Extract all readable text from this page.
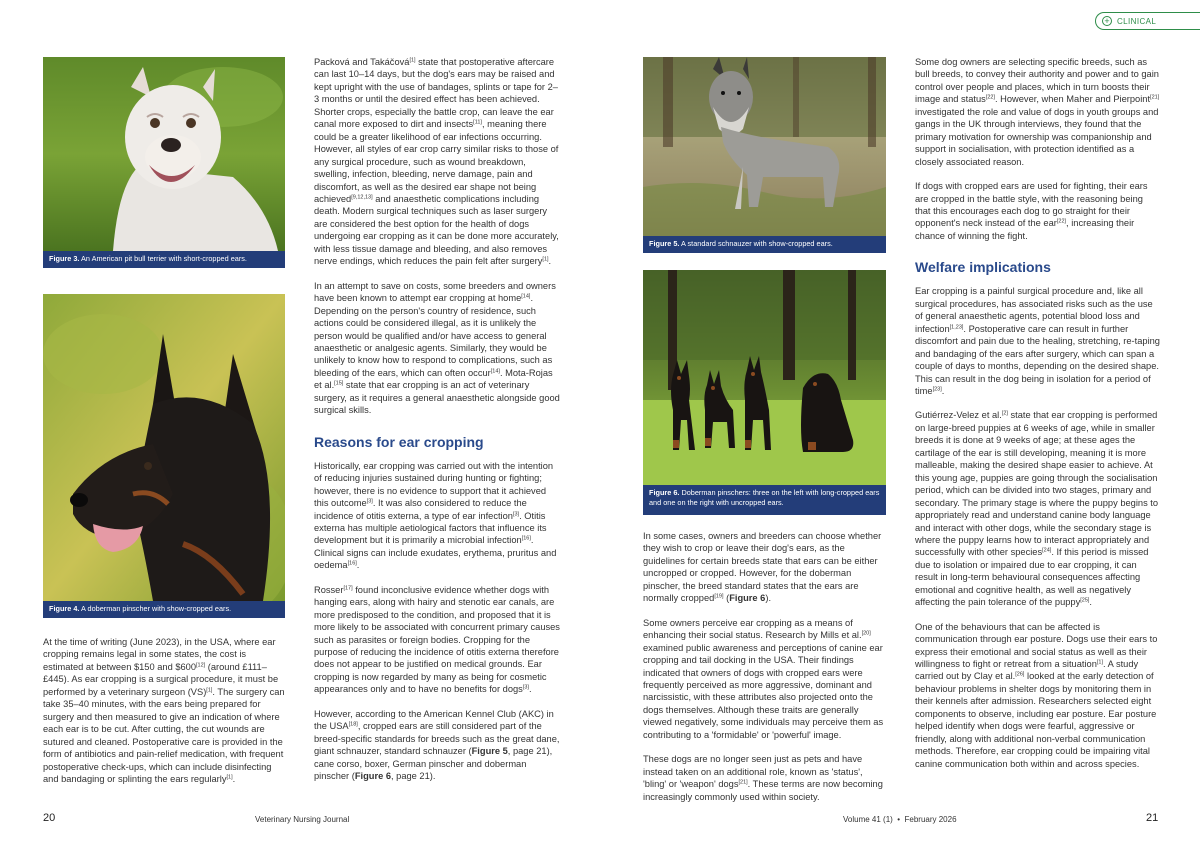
Figure 3. An American pit bull terrier with short-cropped ears.
Figure 4. A doberman pinscher with show-cropped ears.

At the time of writing (June 2023), in the USA, where ear cropping remains legal in some states, the cost is estimated at between $150 and $600[12] (around £111–£445). As ear cropping is a surgical procedure, it must be performed by a veterinary surgeon (VS)[1]. The surgery can take 35–40 minutes, with the ears being prepared for surgery and then measured to give an indication of where each ear is to be cut. After cutting, the cut wounds are sutured and cleaned. Postoperative care is provided in the form of antibiotics and pain-relief medication, with frequent postoperative check-ups, which can include disinfecting and bandaging or splinting the ears regularly[1].

Packová and Takáčová[1] state that postoperative aftercare can last 10–14 days, but the dog's ears may be raised and kept upright with the use of bandages, splints or tape for 2–3 months or until the desired effect has been achieved. Shorter crops, especially the battle crop, can leave the ear canal more exposed to dirt and insects[11], meaning there could be a greater likelihood of ear infections occurring. However, all styles of ear crop carry similar risks to those of any surgical procedure, such as wound breakdown, swelling, infection, bleeding, nerve damage, pain and discomfort, as well as the desired ear shape not being achieved[9,12,13] and anaesthetic complications including death. Modern surgical techniques such as laser surgery are considered the best option for the health of dogs undergoing ear cropping as it can be done more accurately, with less tissue damage and bleeding, and also removes nerve endings, which reduces the pain felt after surgery[1].

In an attempt to save on costs, some breeders and owners have been known to attempt ear cropping at home[14]. Depending on the person's country of residence, such actions could be considered illegal, as it is unlikely the person would be qualified and/or have access to general anaesthetic or analgesic agents. Similarly, they would be unlikely to know how to respond to complications, such as bleeding of the ears, which can often occur[14]. Mota-Rojas et al.[15] state that ear cropping is an act of veterinary surgery, as it requires a general anaesthetic alongside good surgical skills.

Reasons for ear cropping

Historically, ear cropping was carried out with the intention of reducing injuries sustained during hunting or fighting; however, there is no evidence to support that it achieved this outcome[3]. It was also considered to reduce the incidence of otitis externa, a type of ear infection[3]. Otitis externa has multiple aetiological factors that influence its development but it is primarily a microbial infection[16]. Clinical signs can include exudates, erythema, pruritus and oedema[16].

Rosser[17] found inconclusive evidence whether dogs with hanging ears, along with hairy and stenotic ear canals, are more predisposed to the condition, and proposed that it is more likely to be associated with concurrent primary causes such as parasites or foreign bodies. Cropping for the purpose of reducing the incidence of otitis externa therefore does not appear to be justified on medical grounds. Ear cropping is now regarded by many as being for cosmetic appearances only and to have no benefits for dogs[3].

However, according to the American Kennel Club (AKC) in the USA[18], cropped ears are still considered part of the breed-specific standards for breeds such as the great dane, giant schnauzer, standard schnauzer (Figure 5, page 21), cane corso, boxer, German pinscher and doberman pinscher (Figure 6, page 21).

20	Veterinary Nursing Journal
+ CLINICAL
Figure 5. A standard schnauzer with show-cropped ears.
Figure 6. Doberman pinschers: three on the left with long-cropped ears and one on the right with uncropped ears.

In some cases, owners and breeders can choose whether they wish to crop or leave their dog's ears, as the guidelines for certain breeds state that ears can be either uncropped or cropped. However, for the doberman pinscher, the breed standard states that the ears are normally cropped[19] (Figure 6).

Some owners perceive ear cropping as a means of enhancing their social status. Research by Mills et al.[20] examined public awareness and perceptions of canine ear cropping and tail docking in the USA. Their findings indicated that owners of dogs with cropped ears were frequently perceived as more aggressive, dominant and narcissistic, with these attributes also projected onto the dogs themselves. Although these traits are generally viewed negatively, some individuals may perceive them as contributing to a 'formidable' or 'powerful' image.

These dogs are no longer seen just as pets and have instead taken on an additional role, known as 'status', 'bling' or 'weapon' dogs[21]. These terms are now becoming increasingly commonly used within society.

Some dog owners are selecting specific breeds, such as bull breeds, to convey their authority and power and to gain control over people and places, which in turn boosts their image and status[22]. However, when Maher and Pierpoint[21] investigated the role and value of dogs in youth groups and gangs in the UK through interviews, they found that the primary motivation for ownership was companionship and support in socialisation, with protection identified as a closely associated reason.

If dogs with cropped ears are used for fighting, their ears are cropped in the battle style, with the reasoning being that this encourages each dog to go straight for their opponent's neck instead of the ear[22], increasing their chance of winning the fight.

Welfare implications

Ear cropping is a painful surgical procedure and, like all surgical procedures, has associated risks such as the use of general anaesthetic agents, potential blood loss and infection[1,23]. Postoperative care can result in further discomfort and pain due to the healing, stretching, re-taping and bandaging of the ears after surgery, which can span a couple of days to months, depending on the desired shape. This can result in the dog being in isolation for a period of time[23].

Gutiérrez-Velez et al.[2] state that ear cropping is performed on large-breed puppies at 6 weeks of age, while in smaller breeds it is done at 9 weeks of age; at these ages the cartilage of the ear is still developing, meaning it is more malleable, making the desired shape easier to achieve. At this young age, puppies are going through the socialisation period, which can be divided into two stages, primary and secondary. The primary stage is where the puppy begins to appropriately read and understand canine body language and interact with other dogs, while the secondary stage is where the puppy learns how to interact appropriately and successfully with other species[24]. If this period is missed due to isolation or impaired due to ear cropping, it can result in long-term behavioural consequences affecting emotional and cognitive health, as well as negatively affecting the pain tolerance of the puppy[25].

One of the behaviours that can be affected is communication through ear posture. Dogs use their ears to express their emotional and social status as well as their willingness to fight or retreat from a situation[1]. A study carried out by Clay et al.[26] looked at the early detection of behaviour problems in shelter dogs by monitoring them in their kennels after admission. Researchers selected eight components to observe, including ear posture. Ear posture helped identify when dogs were fearful, aggressive or friendly, along with additional non-verbal communication methods. Therefore, ear cropping could be impairing vital canine communication both within and across species.

Volume 41 (1)  •  February 2026	21
